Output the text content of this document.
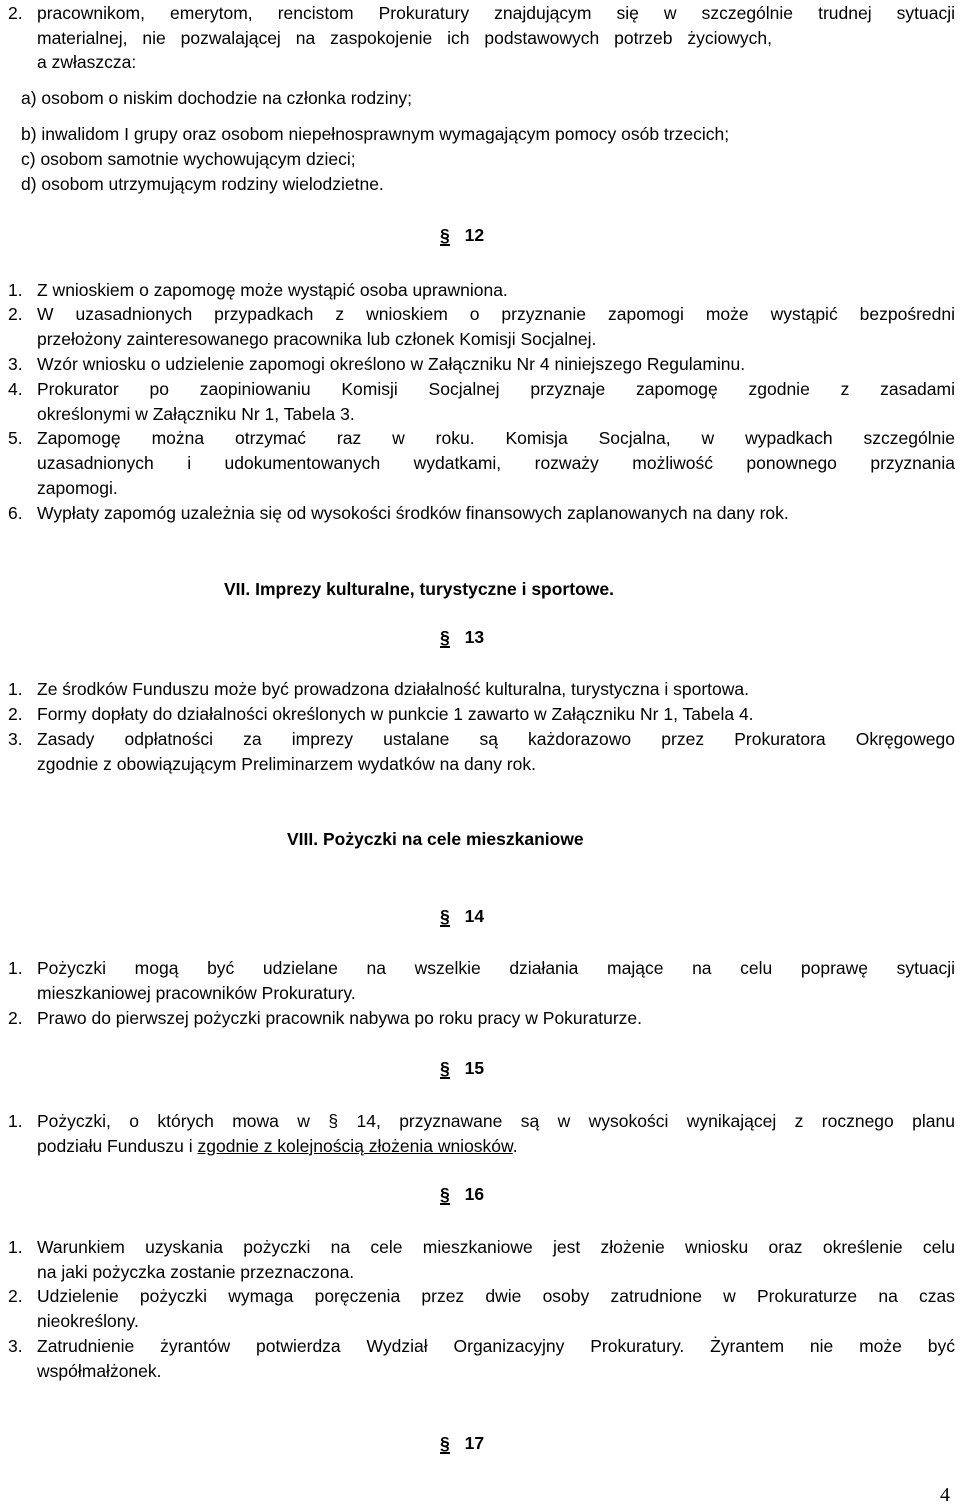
2. pracownikom, emerytom, rencistom Prokuratury znajdującym się w szczególnie trudnej sytuacji
materialnej, nie pozwalającej na zaspokojenie ich podstawowych potrzeb życiowych,
a zwłaszcza:
a) osobom o niskim dochodzie na członka rodziny;
b) inwalidom I grupy oraz osobom niepełnosprawnym wymagającym pomocy osób trzecich;
c) osobom samotnie wychowującym dzieci;
d) osobom utrzymującym rodziny wielodzietne.
§ 12
1. Z wnioskiem o zapomogę może wystąpić osoba uprawniona.
2. W uzasadnionych przypadkach z wnioskiem o przyznanie zapomogi może wystąpić bezpośredni
przełożony zainteresowanego pracownika lub członek Komisji Socjalnej.
3. Wzór wniosku o udzielenie zapomogi określono w Załączniku Nr 4 niniejszego Regulaminu.
4. Prokurator po zaopiniowaniu Komisji Socjalnej przyznaje zapomogę zgodnie z zasadami
określonymi w Załączniku Nr 1, Tabela 3.
5. Zapomogę można otrzymać raz w roku. Komisja Socjalna, w wypadkach szczególnie
uzasadnionych i udokumentowanych wydatkami, rozważy możliwość ponownego przyznania
zapomogi.
6. Wypłaty zapomóg uzależnia się od wysokości środków finansowych zaplanowanych na dany rok.
VII. Imprezy kulturalne, turystyczne i sportowe.
§ 13
1. Ze środków Funduszu może być prowadzona działalność kulturalna, turystyczna i sportowa.
2. Formy dopłaty do działalności określonych w punkcie 1 zawarto w Załączniku Nr 1, Tabela 4.
3. Zasady odpłatności za imprezy ustalane są każdorazowo przez Prokuratora Okręgowego
zgodnie z obowiązującym Preliminarzem wydatków na dany rok.
VIII. Pożyczki na cele mieszkaniowe
§ 14
1. Pożyczki mogą być udzielane na wszelkie działania mające na celu poprawę sytuacji
mieszkaniowej pracowników Prokuratury.
2. Prawo do pierwszej pożyczki pracownik nabywa po roku pracy w Pokuraturze.
§ 15
1. Pożyczki, o których mowa w § 14, przyznawane są w wysokości wynikającej z rocznego planu
podziału Funduszu i zgodnie z kolejnością złożenia wniosków.
§ 16
1. Warunkiem uzyskania pożyczki na cele mieszkaniowe jest złożenie wniosku oraz określenie celu
na jaki pożyczka zostanie przeznaczona.
2. Udzielenie pożyczki wymaga poręczenia przez dwie osoby zatrudnione w Prokuraturze na czas
nieokreślony.
3. Zatrudnienie żyrantów potwierdza Wydział Organizacyjny Prokuratury. Żyrantem nie może być
współmałżonek.
§ 17
4
